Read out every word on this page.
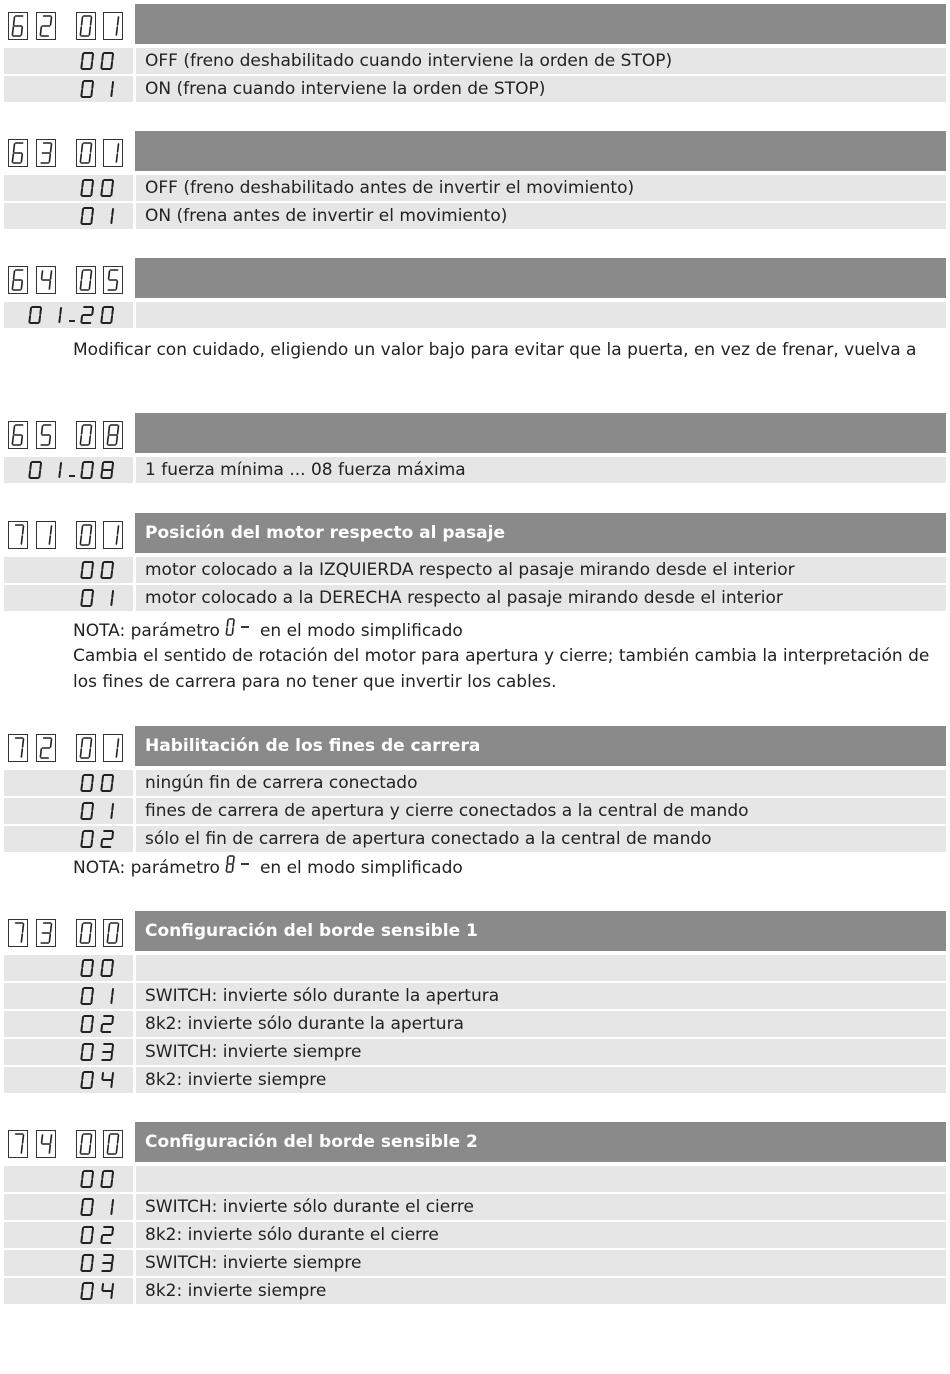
OFF (freno deshabilitado cuando interviene la orden de STOP)
ON (frena cuando interviene la orden de STOP)
OFF (freno deshabilitado antes de invertir el movimiento)
ON (frena antes de invertir el movimiento)
1 fuerza mínima ... 08 fuerza máxima
Posición del motor respecto al pasaje
motor colocado a la IZQUIERDA respecto al pasaje mirando desde el interior
motor colocado a la DERECHA respecto al pasaje mirando desde el interior
Habilitación de los fines de carrera
ningún fin de carrera conectado
fines de carrera de apertura y cierre conectados a la central de mando
sólo el fin de carrera de apertura conectado a la central de mando
Configuración del borde sensible 1
SWITCH: invierte sólo durante la apertura
8k2: invierte sólo durante la apertura
SWITCH: invierte siempre
8k2: invierte siempre
Configuración del borde sensible 2
SWITCH: invierte sólo durante el cierre
8k2: invierte sólo durante el cierre
SWITCH: invierte siempre
8k2: invierte siempre
Modificar con cuidado, eligiendo un valor bajo para evitar que la puerta, en vez de frenar, vuelva a
NOTA: parámetro en el modo simplificado
Cambia el sentido de rotación del motor para apertura y cierre; también cambia la interpretación de
los fines de carrera para no tener que invertir los cables.
NOTA: parámetro en el modo simplificado
